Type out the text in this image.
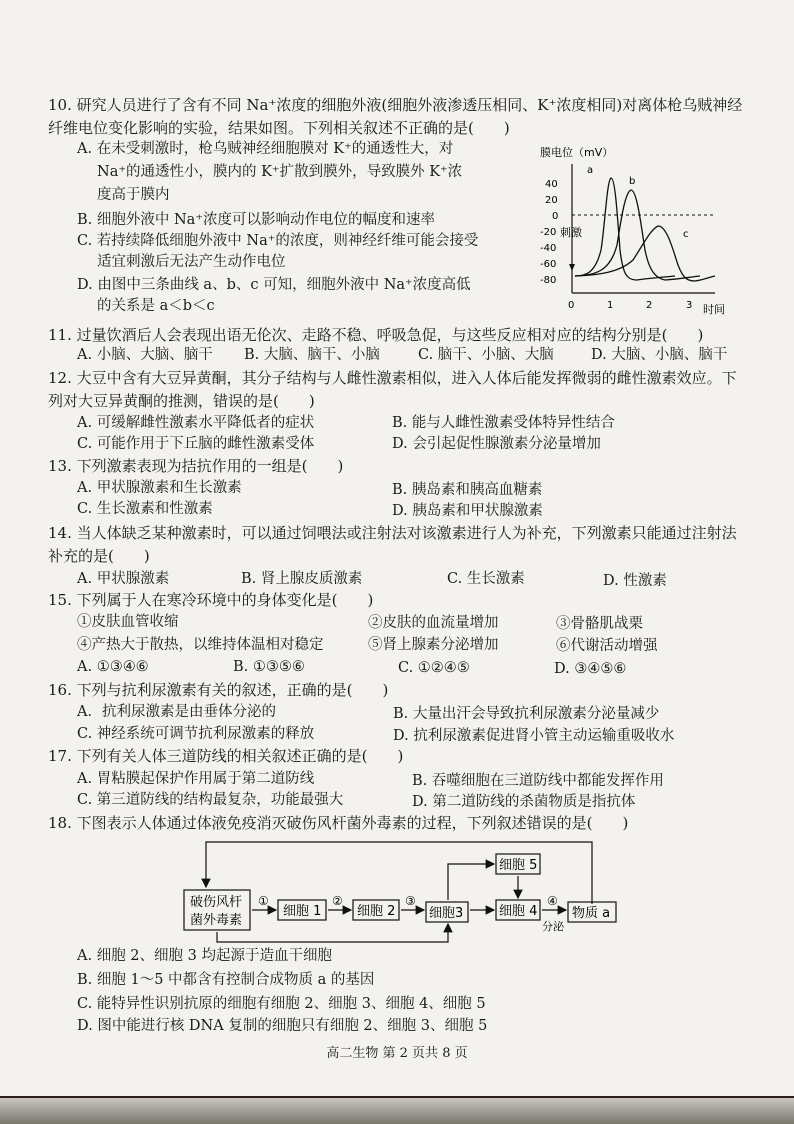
10. 研究人员进行了含有不同 Na⁺浓度的细胞外液(细胞外液渗透压相同、K⁺浓度相同)对离体枪乌贼神经纤维电位变化影响的实验，结果如图。下列相关叙述不正确的是(　　)
A. 在未受刺激时，枪乌贼神经细胞膜对 K⁺的通透性大，对
Na⁺的通透性小，膜内的 K⁺扩散到膜外，导致膜外 K⁺浓
度高于膜内
B. 细胞外液中 Na⁺浓度可以影响动作电位的幅度和速率
C. 若持续降低细胞外液中 Na⁺的浓度，则神经纤维可能会接受
适宜刺激后无法产生动作电位
D. 由图中三条曲线 a、b、c 可知，细胞外液中 Na⁺浓度高低
的关系是 a＜b＜c
膜电位（mV）
时间
40
20
0
-20
-40
-60
-80
0	1	2	3
a
b
c
刺激
11. 过量饮酒后人会表现出语无伦次、走路不稳、呼吸急促，与这些反应相对应的结构分别是(　　)
A. 小脑、大脑、脑干 B. 大脑、脑干、小脑	C. 脑干、小脑、大脑	D. 大脑、小脑、脑干
12. 大豆中含有大豆异黄酮，其分子结构与人雌性激素相似，进入人体后能发挥微弱的雌性激素效应。下列对大豆异黄酮的推测，错误的是(　　)
A. 可缓解雌性激素水平降低者的症状	B. 能与人雌性激素受体特异性结合
C. 可能作用于下丘脑的雌性激素受体	D. 会引起促性腺激素分泌量增加
13. 下列激素表现为拮抗作用的一组是(　　)
A. 甲状腺激素和生长激素	B. 胰岛素和胰高血糖素
C. 生长激素和性激素	D. 胰岛素和甲状腺激素
14. 当人体缺乏某种激素时，可以通过饲喂法或注射法对该激素进行人为补充，下列激素只能通过注射法补充的是(　　)
A. 甲状腺激素	B. 肾上腺皮质激素	C. 生长激素	D. 性激素
15. 下列属于人在寒冷环境中的身体变化是(　　)
①皮肤血管收缩	②皮肤的血流量增加	③骨骼肌战栗
④产热大于散热，以维持体温相对稳定	⑤肾上腺素分泌增加	⑥代谢活动增强
A. ①③④⑥	B. ①③⑤⑥	C. ①②④⑤	D. ③④⑤⑥
16. 下列与抗利尿激素有关的叙述，正确的是(　　)
A．抗利尿激素是由垂体分泌的	B. 大量出汗会导致抗利尿激素分泌量减少
C. 神经系统可调节抗利尿激素的释放	D. 抗利尿激素促进肾小管主动运输重吸收水
17. 下列有关人体三道防线的相关叙述正确的是(　　)
A. 胃粘膜起保护作用属于第二道防线	B. 吞噬细胞在三道防线中都能发挥作用
C. 第三道防线的结构最复杂，功能最强大	D. 第二道防线的杀菌物质是指抗体
18. 下图表示人体通过体液免疫消灭破伤风杆菌外毒素的过程，下列叙述错误的是(　　)
破伤风杆
菌外毒素
细胞 1	细胞 2	细胞3
细胞 5
细胞 4	物质 a
①	②	③	④
分泌
A. 细胞 2、细胞 3 均起源于造血干细胞
B. 细胞 1～5 中都含有控制合成物质 a 的基因
C. 能特异性识别抗原的细胞有细胞 2、细胞 3、细胞 4、细胞 5
D. 图中能进行核 DNA 复制的细胞只有细胞 2、细胞 3、细胞 5
高二生物 第 2 页共 8 页
